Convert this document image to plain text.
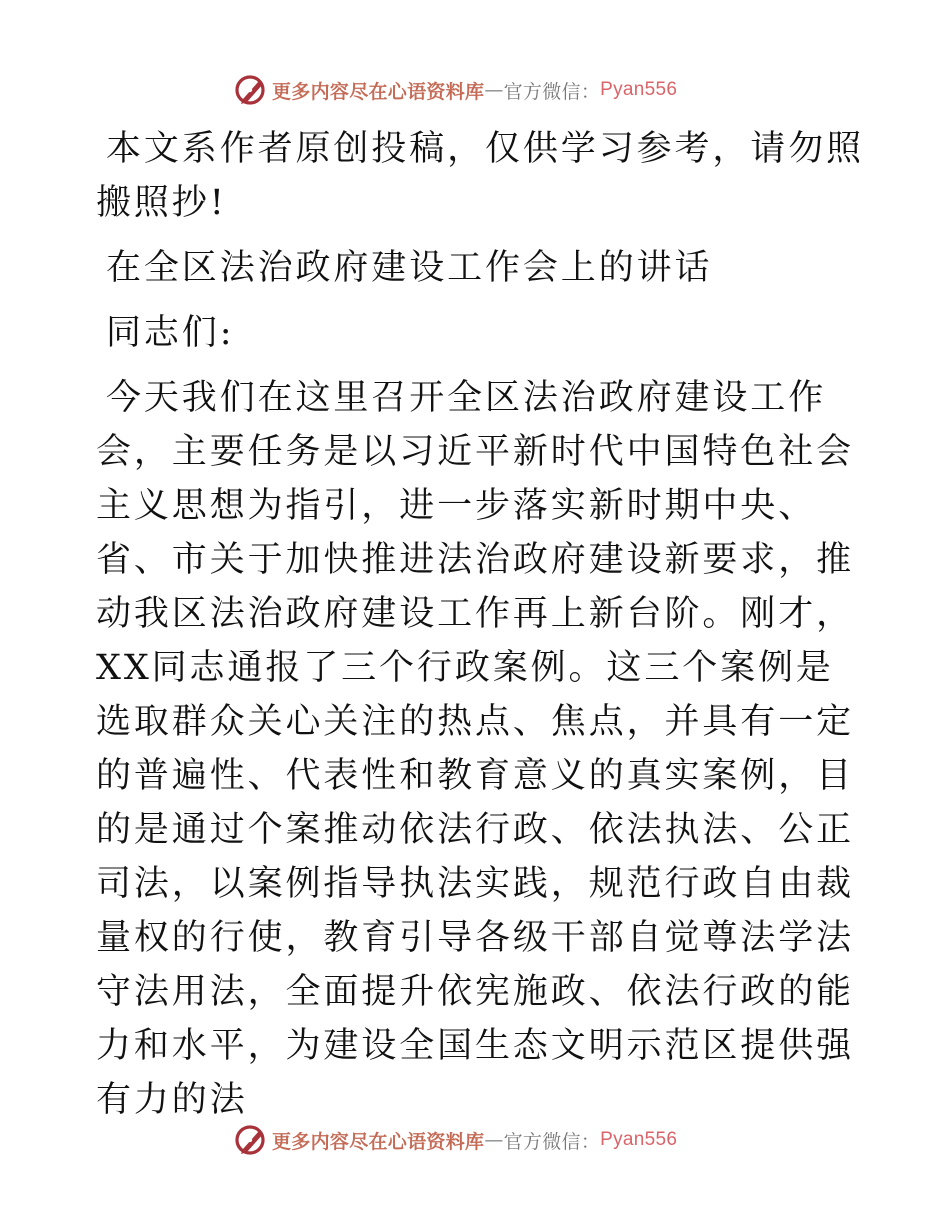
更多内容尽在心语资料库 — 官方微信： Pyan556

本文系作者原创投稿，仅供学习参考，请勿照搬照抄!

在全区法治政府建设工作会上的讲话

同志们:

今天我们在这里召开全区法治政府建设工作会，主要任务是以习近平新时代中国特色社会主义思想为指引，进一步落实新时期中央、省、市关于加快推进法治政府建设新要求，推动我区法治政府建设工作再上新台阶。刚才，XX同志通报了三个行政案例。这三个案例是选取群众关心关注的热点、焦点，并具有一定的普遍性、代表性和教育意义的真实案例，目的是通过个案推动依法行政、依法执法、公正司法，以案例指导执法实践，规范行政自由裁量权的行使，教育引导各级干部自觉尊法学法守法用法，全面提升依宪施政、依法行政的能力和水平，为建设全国生态文明示范区提供强有力的法

更多内容尽在心语资料库 — 官方微信： Pyan556
